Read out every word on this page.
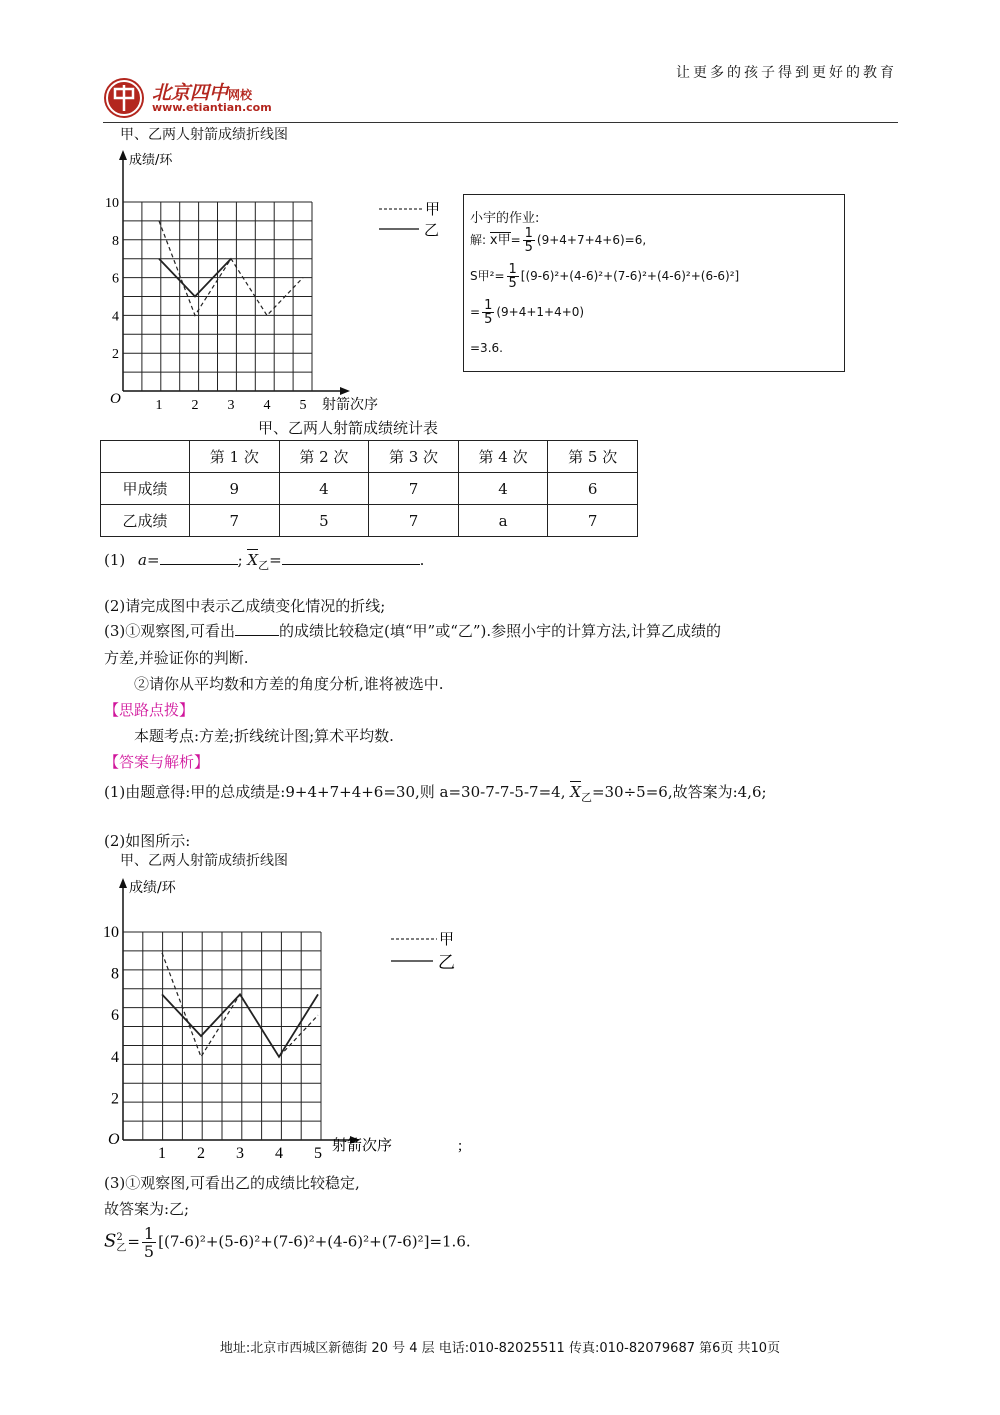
让更多的孩子得到更好的教育
北京四中网校
www.etiantian.com
甲、乙两人射箭成绩折线图
成绩/环
射箭次序
O 1 2 3 4 5
2
4
6
8
10	甲
乙
小宇的作业:
解: x甲= $\frac{1}{5} (9+4+7+4+6)=6$,
S甲$^2= \frac{1}{5} [(9-6)^2+(4-6)^2+(7-6)^2+(4-6)^2+(6-6)^2]$
= $\frac{1}{5} (9+4+1+4+0)$
=3.6.
甲、乙两人射箭成绩统计表
	第 1 次	第 2 次	第 3 次	第 4 次	第 5 次
甲成绩	9	4	7	4	6
乙成绩	7	5	7	a	7
(1) a=	; $X_乙=$	.
(2)请完成图中表示乙成绩变化情况的折线;
(3)①观察图,可看出	的成绩比较稳定(填“甲”或“乙”).参照小宇的计算方法,计算乙成绩的
方差,并验证你的判断.
②请你从平均数和方差的角度分析,谁将被选中.
【思路点拨】
本题考点:方差;折线统计图;算术平均数.
【答案与解析】
(1)由题意得:甲的总成绩是:9+4+7+4+6=30,则 a=30-7-7-5-7=4, $X_乙=30\div 5=6$,故答案为:4,6;
(2)如图所示:
甲、乙两人射箭成绩折线图
成绩/环
射箭次序
O	;
1 2 3 4 5
2
4
6
8
10	甲
乙
(3)①观察图,可看出乙的成绩比较稳定,
故答案为:乙;
S 2
乙 = $\frac{1}{5} [(7-6)^2+(5-6)^2+(7-6)^2+(4-6)^2+(7-6)^2]=1.6$.
地址:北京市西城区新德街 20 号 4 层 电话:010-82025511 传真:010-82079687 第6页 共10页
